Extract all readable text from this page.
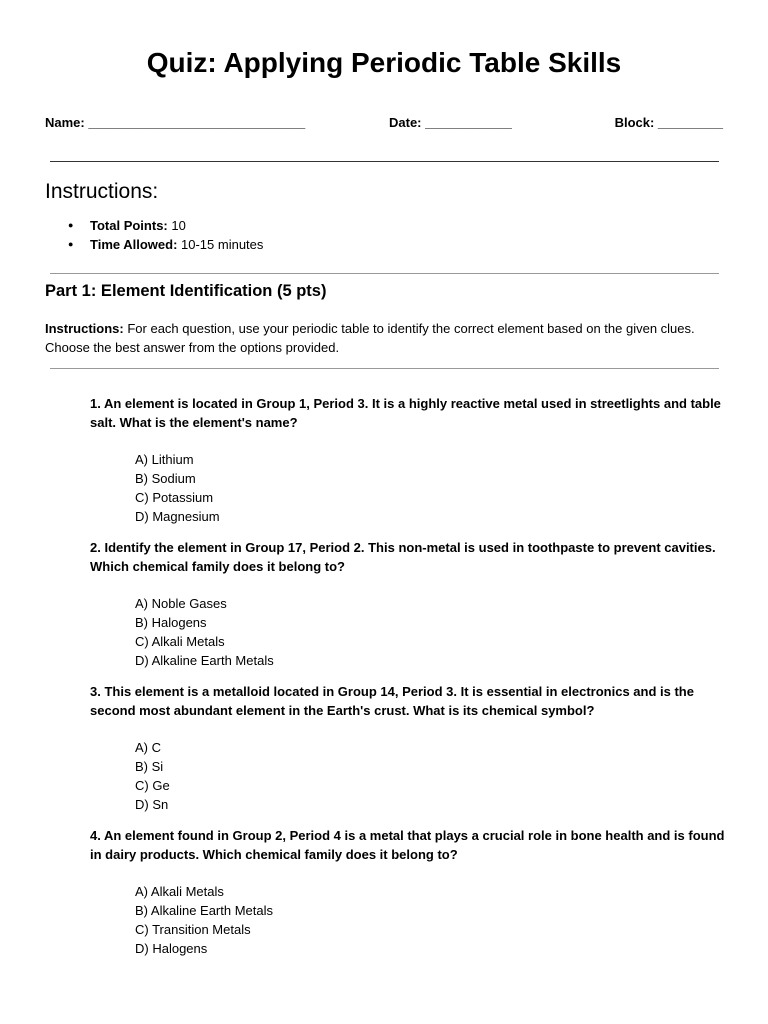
Quiz: Applying Periodic Table Skills
Name: ______________________________	Date: ____________	Block: _________
Instructions:
● Total Points: 10
● Time Allowed: 10-15 minutes
Part 1: Element Identification (5 pts)

Instructions: For each question, use your periodic table to identify the correct element based on the given clues. Choose the best answer from the options provided.

1. An element is located in Group 1, Period 3. It is a highly reactive metal used in streetlights and table salt. What is the element's name?

A) Lithium
B) Sodium
C) Potassium
D) Magnesium

2. Identify the element in Group 17, Period 2. This non-metal is used in toothpaste to prevent cavities. Which chemical family does it belong to?

A) Noble Gases
B) Halogens
C) Alkali Metals
D) Alkaline Earth Metals

3. This element is a metalloid located in Group 14, Period 3. It is essential in electronics and is the second most abundant element in the Earth's crust. What is its chemical symbol?

A) C
B) Si
C) Ge
D) Sn

4. An element found in Group 2, Period 4 is a metal that plays a crucial role in bone health and is found in dairy products. Which chemical family does it belong to?

A) Alkali Metals
B) Alkaline Earth Metals
C) Transition Metals
D) Halogens
